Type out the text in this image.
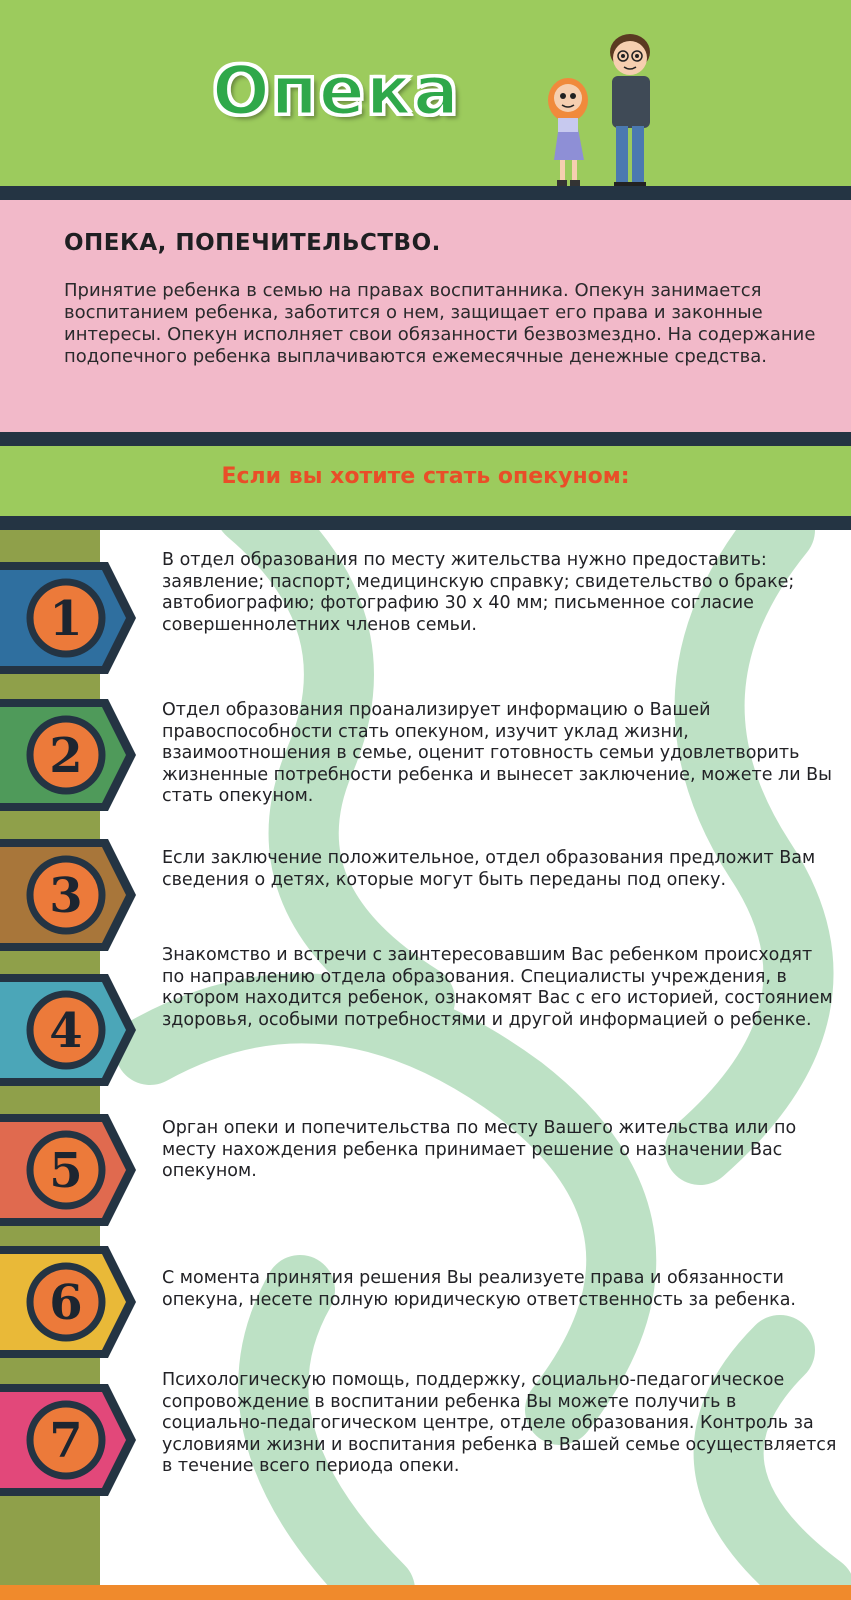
Опека
ОПЕКА, ПОПЕЧИТЕЛЬСТВО.

Принятие ребенка в семью на правах воспитанника. Опекун занимается воспитанием ребенка, заботится о нем, защищает его права и законные интересы. Опекун исполняет свои обязанности безвозмездно. На содержание подопечного ребенка выплачиваются ежемесячные денежные средства.

Если вы хотите стать опекуном:
1

В отдел образования по месту жительства нужно предоставить: заявление; паспорт; медицинскую справку; свидетельство о браке; автобиографию; фотографию 30 х 40 мм; письменное согласие совершеннолетних членов семьи.

2

Отдел образования проанализирует информацию о Вашей правоспособности стать опекуном, изучит уклад жизни, взаимоотношения в семье, оценит готовность семьи удовлетворить жизненные потребности ребенка и вынесет заключение, можете ли Вы стать опекуном.

3

Если заключение положительное, отдел образования предложит Вам сведения о детях, которые могут быть переданы под опеку.

4

Знакомство и встречи с заинтересовавшим Вас ребенком происходят по направлению отдела образования. Специалисты учреждения, в котором находится ребенок, ознакомят Вас с его историей, состоянием здоровья, особыми потребностями и другой информацией о ребенке.

5

Орган опеки и попечительства по месту Вашего жительства или по месту нахождения ребенка принимает решение о назначении Вас опекуном.

6	С момента принятия решения Вы реализуете права и обязанности опекуна, несете полную юридическую ответственность за ребенка.

7

Психологическую помощь, поддержку, социально-педагогическое сопровождение в воспитании ребенка Вы можете получить в социально-педагогическом центре, отделе образования. Контроль за условиями жизни и воспитания ребенка в Вашей семье осуществляется в течение всего периода опеки.
